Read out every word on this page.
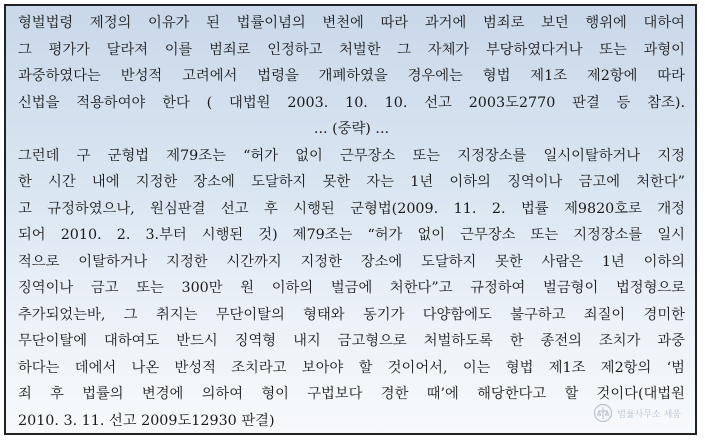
형벌법령 제정의 이유가 된 법률이념의 변천에 따라 과거에 범죄로 보던 행위에 대하여
그 평가가 달라져 이를 범죄로 인정하고 처벌한 그 자체가 부당하였다거나 또는 과형이
과중하였다는 반성적 고려에서 법령을 개폐하였을 경우에는 형법 제1조 제2항에 따라
신법을 적용하여야 한다 ( 대법원 2003. 10. 10. 선고 2003도2770 판결 등 참조).
... (중략) ...
그런데 구 군형법 제79조는 “허가 없이 근무장소 또는 지정장소를 일시이탈하거나 지정
한 시간 내에 지정한 장소에 도달하지 못한 자는 1년 이하의 징역이나 금고에 처한다”
고 규정하였으나, 원심판결 선고 후 시행된 군형법(2009. 11. 2. 법률 제9820호로 개정
되어 2010. 2. 3.부터 시행된 것) 제79조는 “허가 없이 근무장소 또는 지정장소를 일시
적으로 이탈하거나 지정한 시간까지 지정한 장소에 도달하지 못한 사람은 1년 이하의
징역이나 금고 또는 300만 원 이하의 벌금에 처한다”고 규정하여 벌금형이 법정형으로
추가되었는바, 그 취지는 무단이탈의 형태와 동기가 다양함에도 불구하고 죄질이 경미한
무단이탈에 대하여도 반드시 징역형 내지 금고형으로 처벌하도록 한 종전의 조치가 과중
하다는 데에서 나온 반성적 조치라고 보아야 할 것이어서, 이는 형법 제1조 제2항의 ‘범
죄 후 법률의 변경에 의하여 형이 구법보다 경한 때’에 해당한다고 할 것이다(대법원
2010. 3. 11. 선고 2009도12930 판결)	법률사무소 세움
